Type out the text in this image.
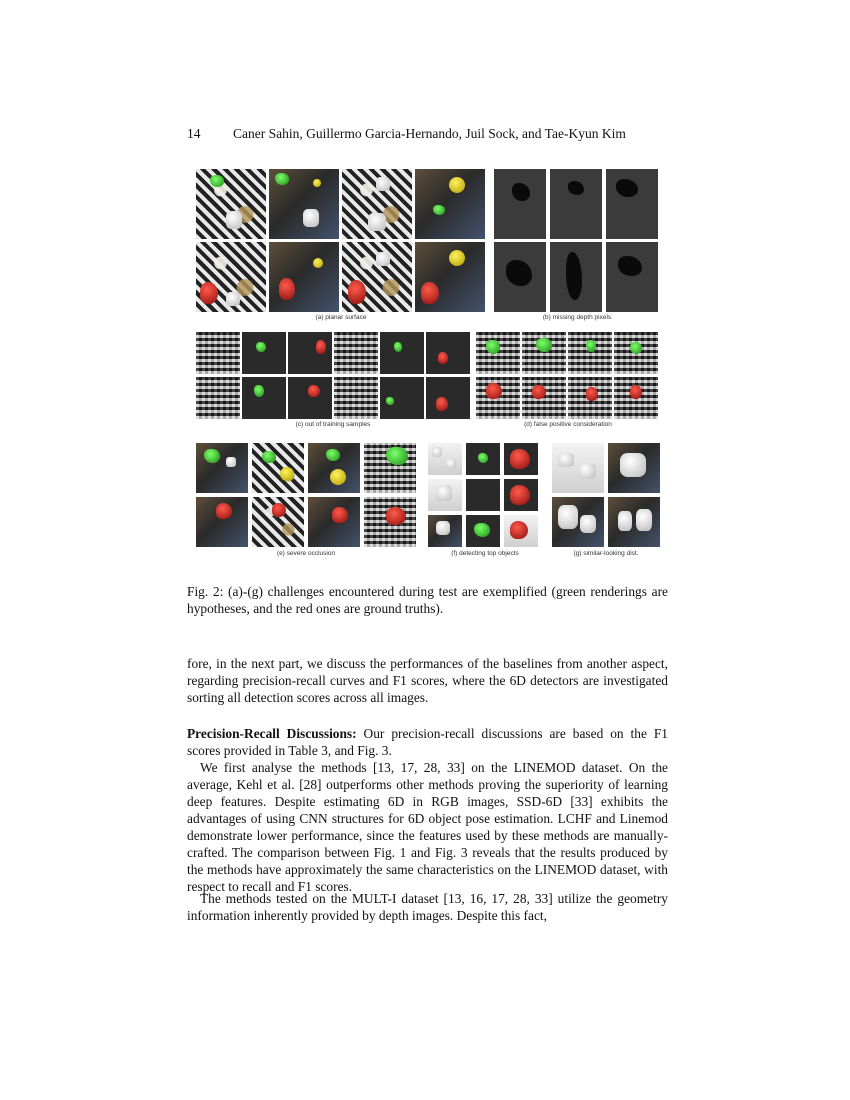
14 Caner Sahin, Guillermo Garcia-Hernando, Juil Sock, and Tae-Kyun Kim
(a) planar surface	(b) missing depth pixels
(c) out of training samples	(d) false positive consideration
(e) severe occlusion	(f) detecting top objects	(g) similar-looking dist.
Fig. 2: (a)-(g) challenges encountered during test are exemplified (green renderings are hypotheses, and the red ones are ground truths).

fore, in the next part, we discuss the performances of the baselines from another aspect, regarding precision-recall curves and F1 scores, where the 6D detectors are investigated sorting all detection scores across all images.

Precision-Recall Discussions: Our precision-recall discussions are based on the F1 scores provided in Table 3, and Fig. 3.

We first analyse the methods [13, 17, 28, 33] on the LINEMOD dataset. On the average, Kehl et al. [28] outperforms other methods proving the superiority of learning deep features. Despite estimating 6D in RGB images, SSD-6D [33] exhibits the advantages of using CNN structures for 6D object pose estimation. LCHF and Linemod demonstrate lower performance, since the features used by these methods are manually-crafted. The comparison between Fig. 1 and Fig. 3 reveals that the results produced by the methods have approximately the same characteristics on the LINEMOD dataset, with respect to recall and F1 scores.

The methods tested on the MULT-I dataset [13, 16, 17, 28, 33] utilize the geometry information inherently provided by depth images. Despite this fact,
